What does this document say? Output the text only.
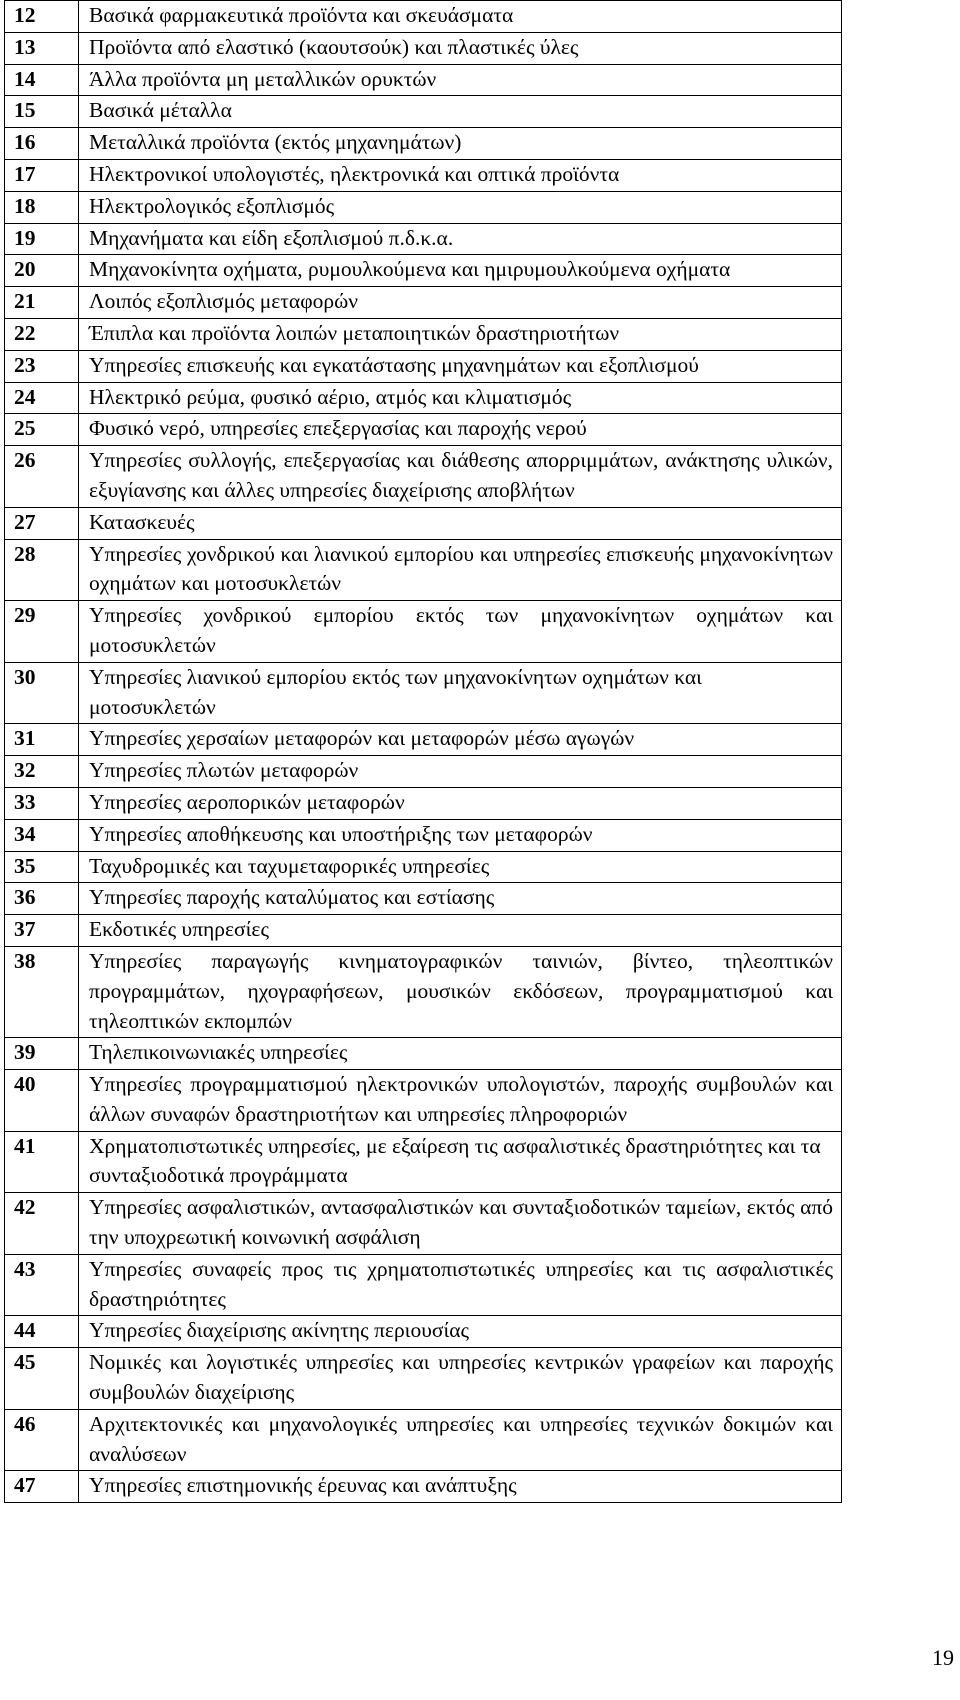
12	Βασικά φαρμακευτικά προϊόντα και σκευάσματα
13	Προϊόντα από ελαστικό (καουτσούκ) και πλαστικές ύλες
14	Άλλα προϊόντα μη μεταλλικών ορυκτών
15	Βασικά μέταλλα
16	Μεταλλικά προϊόντα (εκτός μηχανημάτων)
17	Ηλεκτρονικοί υπολογιστές, ηλεκτρονικά και οπτικά προϊόντα
18	Ηλεκτρολογικός εξοπλισμός
19	Μηχανήματα και είδη εξοπλισμού π.δ.κ.α.
20	Μηχανοκίνητα οχήματα, ρυμουλκούμενα και ημιρυμουλκούμενα οχήματα
21	Λοιπός εξοπλισμός μεταφορών
22	Έπιπλα και προϊόντα λοιπών μεταποιητικών δραστηριοτήτων
23	Υπηρεσίες επισκευής και εγκατάστασης μηχανημάτων και εξοπλισμού
24	Ηλεκτρικό ρεύμα, φυσικό αέριο, ατμός και κλιματισμός
25	Φυσικό νερό, υπηρεσίες επεξεργασίας και παροχής νερού
26	Υπηρεσίες συλλογής, επεξεργασίας και διάθεσης απορριμμάτων, ανάκτησης υλικών, εξυγίανσης και άλλες υπηρεσίες διαχείρισης αποβλήτων
27	Κατασκευές
28	Υπηρεσίες χονδρικού και λιανικού εμπορίου και υπηρεσίες επισκευής μηχανοκίνητων οχημάτων και μοτοσυκλετών
29	Υπηρεσίες χονδρικού εμπορίου εκτός των μηχανοκίνητων οχημάτων και μοτοσυκλετών
30	Υπηρεσίες λιανικού εμπορίου εκτός των μηχανοκίνητων οχημάτων και μοτοσυκλετών
31	Υπηρεσίες χερσαίων μεταφορών και μεταφορών μέσω αγωγών
32	Υπηρεσίες πλωτών μεταφορών
33	Υπηρεσίες αεροπορικών μεταφορών
34	Υπηρεσίες αποθήκευσης και υποστήριξης των μεταφορών
35	Ταχυδρομικές και ταχυμεταφορικές υπηρεσίες
36	Υπηρεσίες παροχής καταλύματος και εστίασης
37	Εκδοτικές υπηρεσίες
38	Υπηρεσίες παραγωγής κινηματογραφικών ταινιών, βίντεο, τηλεοπτικών προγραμμάτων, ηχογραφήσεων, μουσικών εκδόσεων, προγραμματισμού και τηλεοπτικών εκπομπών
39	Τηλεπικοινωνιακές υπηρεσίες
40	Υπηρεσίες προγραμματισμού ηλεκτρονικών υπολογιστών, παροχής συμβουλών και άλλων συναφών δραστηριοτήτων και υπηρεσίες πληροφοριών
41	Χρηματοπιστωτικές υπηρεσίες, με εξαίρεση τις ασφαλιστικές δραστηριότητες και τα συνταξιοδοτικά προγράμματα
42	Υπηρεσίες ασφαλιστικών, αντασφαλιστικών και συνταξιοδοτικών ταμείων, εκτός από την υποχρεωτική κοινωνική ασφάλιση
43	Υπηρεσίες συναφείς προς τις χρηματοπιστωτικές υπηρεσίες και τις ασφαλιστικές δραστηριότητες
44	Υπηρεσίες διαχείρισης ακίνητης περιουσίας
45	Νομικές και λογιστικές υπηρεσίες και υπηρεσίες κεντρικών γραφείων και παροχής συμβουλών διαχείρισης
46	Αρχιτεκτονικές και μηχανολογικές υπηρεσίες και υπηρεσίες τεχνικών δοκιμών και αναλύσεων
47	Υπηρεσίες επιστημονικής έρευνας και ανάπτυξης
19
